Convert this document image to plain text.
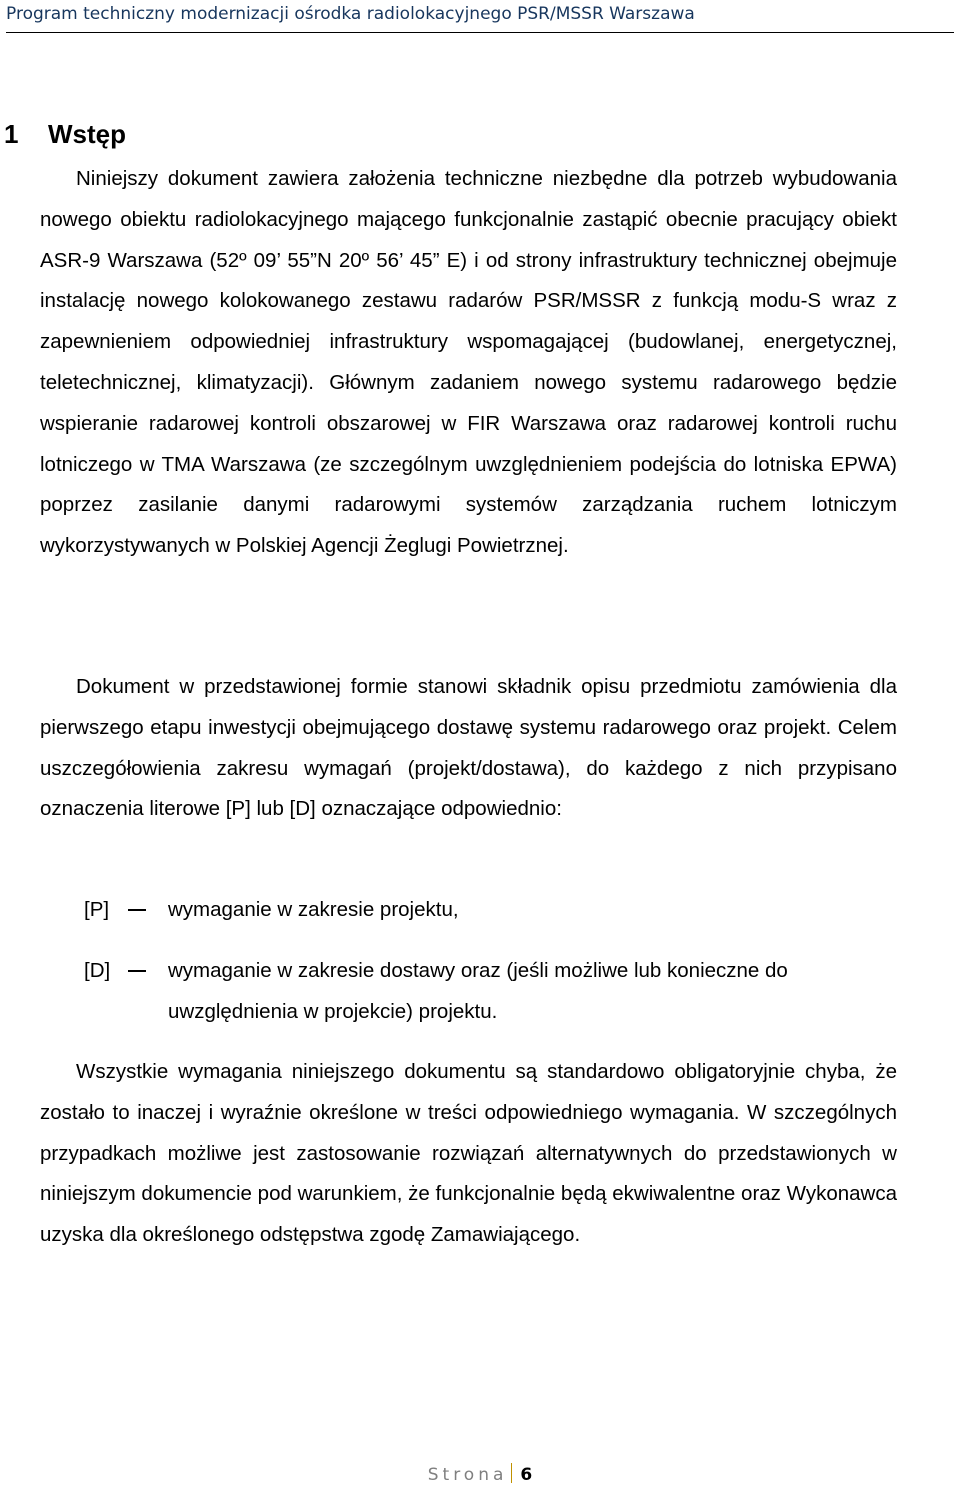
Program techniczny modernizacji ośrodka radiolokacyjnego PSR/MSSR Warszawa
1 Wstęp

Niniejszy dokument zawiera założenia techniczne niezbędne dla potrzeb wybudowania nowego obiektu radiolokacyjnego mającego funkcjonalnie zastąpić obecnie pracujący obiekt ASR-9 Warszawa (52º 09’ 55”N 20º 56’ 45” E) i od strony infrastruktury technicznej obejmuje instalację nowego kolokowanego zestawu radarów PSR/MSSR z funkcją modu-S wraz z zapewnieniem odpowiedniej infrastruktury wspomagającej (budowlanej, energetycznej, teletechnicznej, klimatyzacji). Głównym zadaniem nowego systemu radarowego będzie wspieranie radarowej kontroli obszarowej w FIR Warszawa oraz radarowej kontroli ruchu lotniczego w TMA Warszawa (ze szczególnym uwzględnieniem podejścia do lotniska EPWA) poprzez zasilanie danymi radarowymi systemów zarządzania ruchem lotniczym wykorzystywanych w Polskiej Agencji Żeglugi Powietrznej.

Dokument w przedstawionej formie stanowi składnik opisu przedmiotu zamówienia dla pierwszego etapu inwestycji obejmującego dostawę systemu radarowego oraz projekt. Celem uszczegółowienia zakresu wymagań (projekt/dostawa), do każdego z nich przypisano oznaczenia literowe [P] lub [D] oznaczające odpowiednio:

[P]	wymaganie w zakresie projektu,
[D]	wymaganie w zakresie dostawy oraz (jeśli możliwe lub konieczne do uwzględnienia w projekcie) projektu.

Wszystkie wymagania niniejszego dokumentu są standardowo obligatoryjnie chyba, że zostało to inaczej i wyraźnie określone w treści odpowiedniego wymagania. W szczególnych przypadkach możliwe jest zastosowanie rozwiązań alternatywnych do przedstawionych w niniejszym dokumencie pod warunkiem, że funkcjonalnie będą ekwiwalentne oraz Wykonawca uzyska dla określonego odstępstwa zgodę Zamawiającego.

Strona 6
